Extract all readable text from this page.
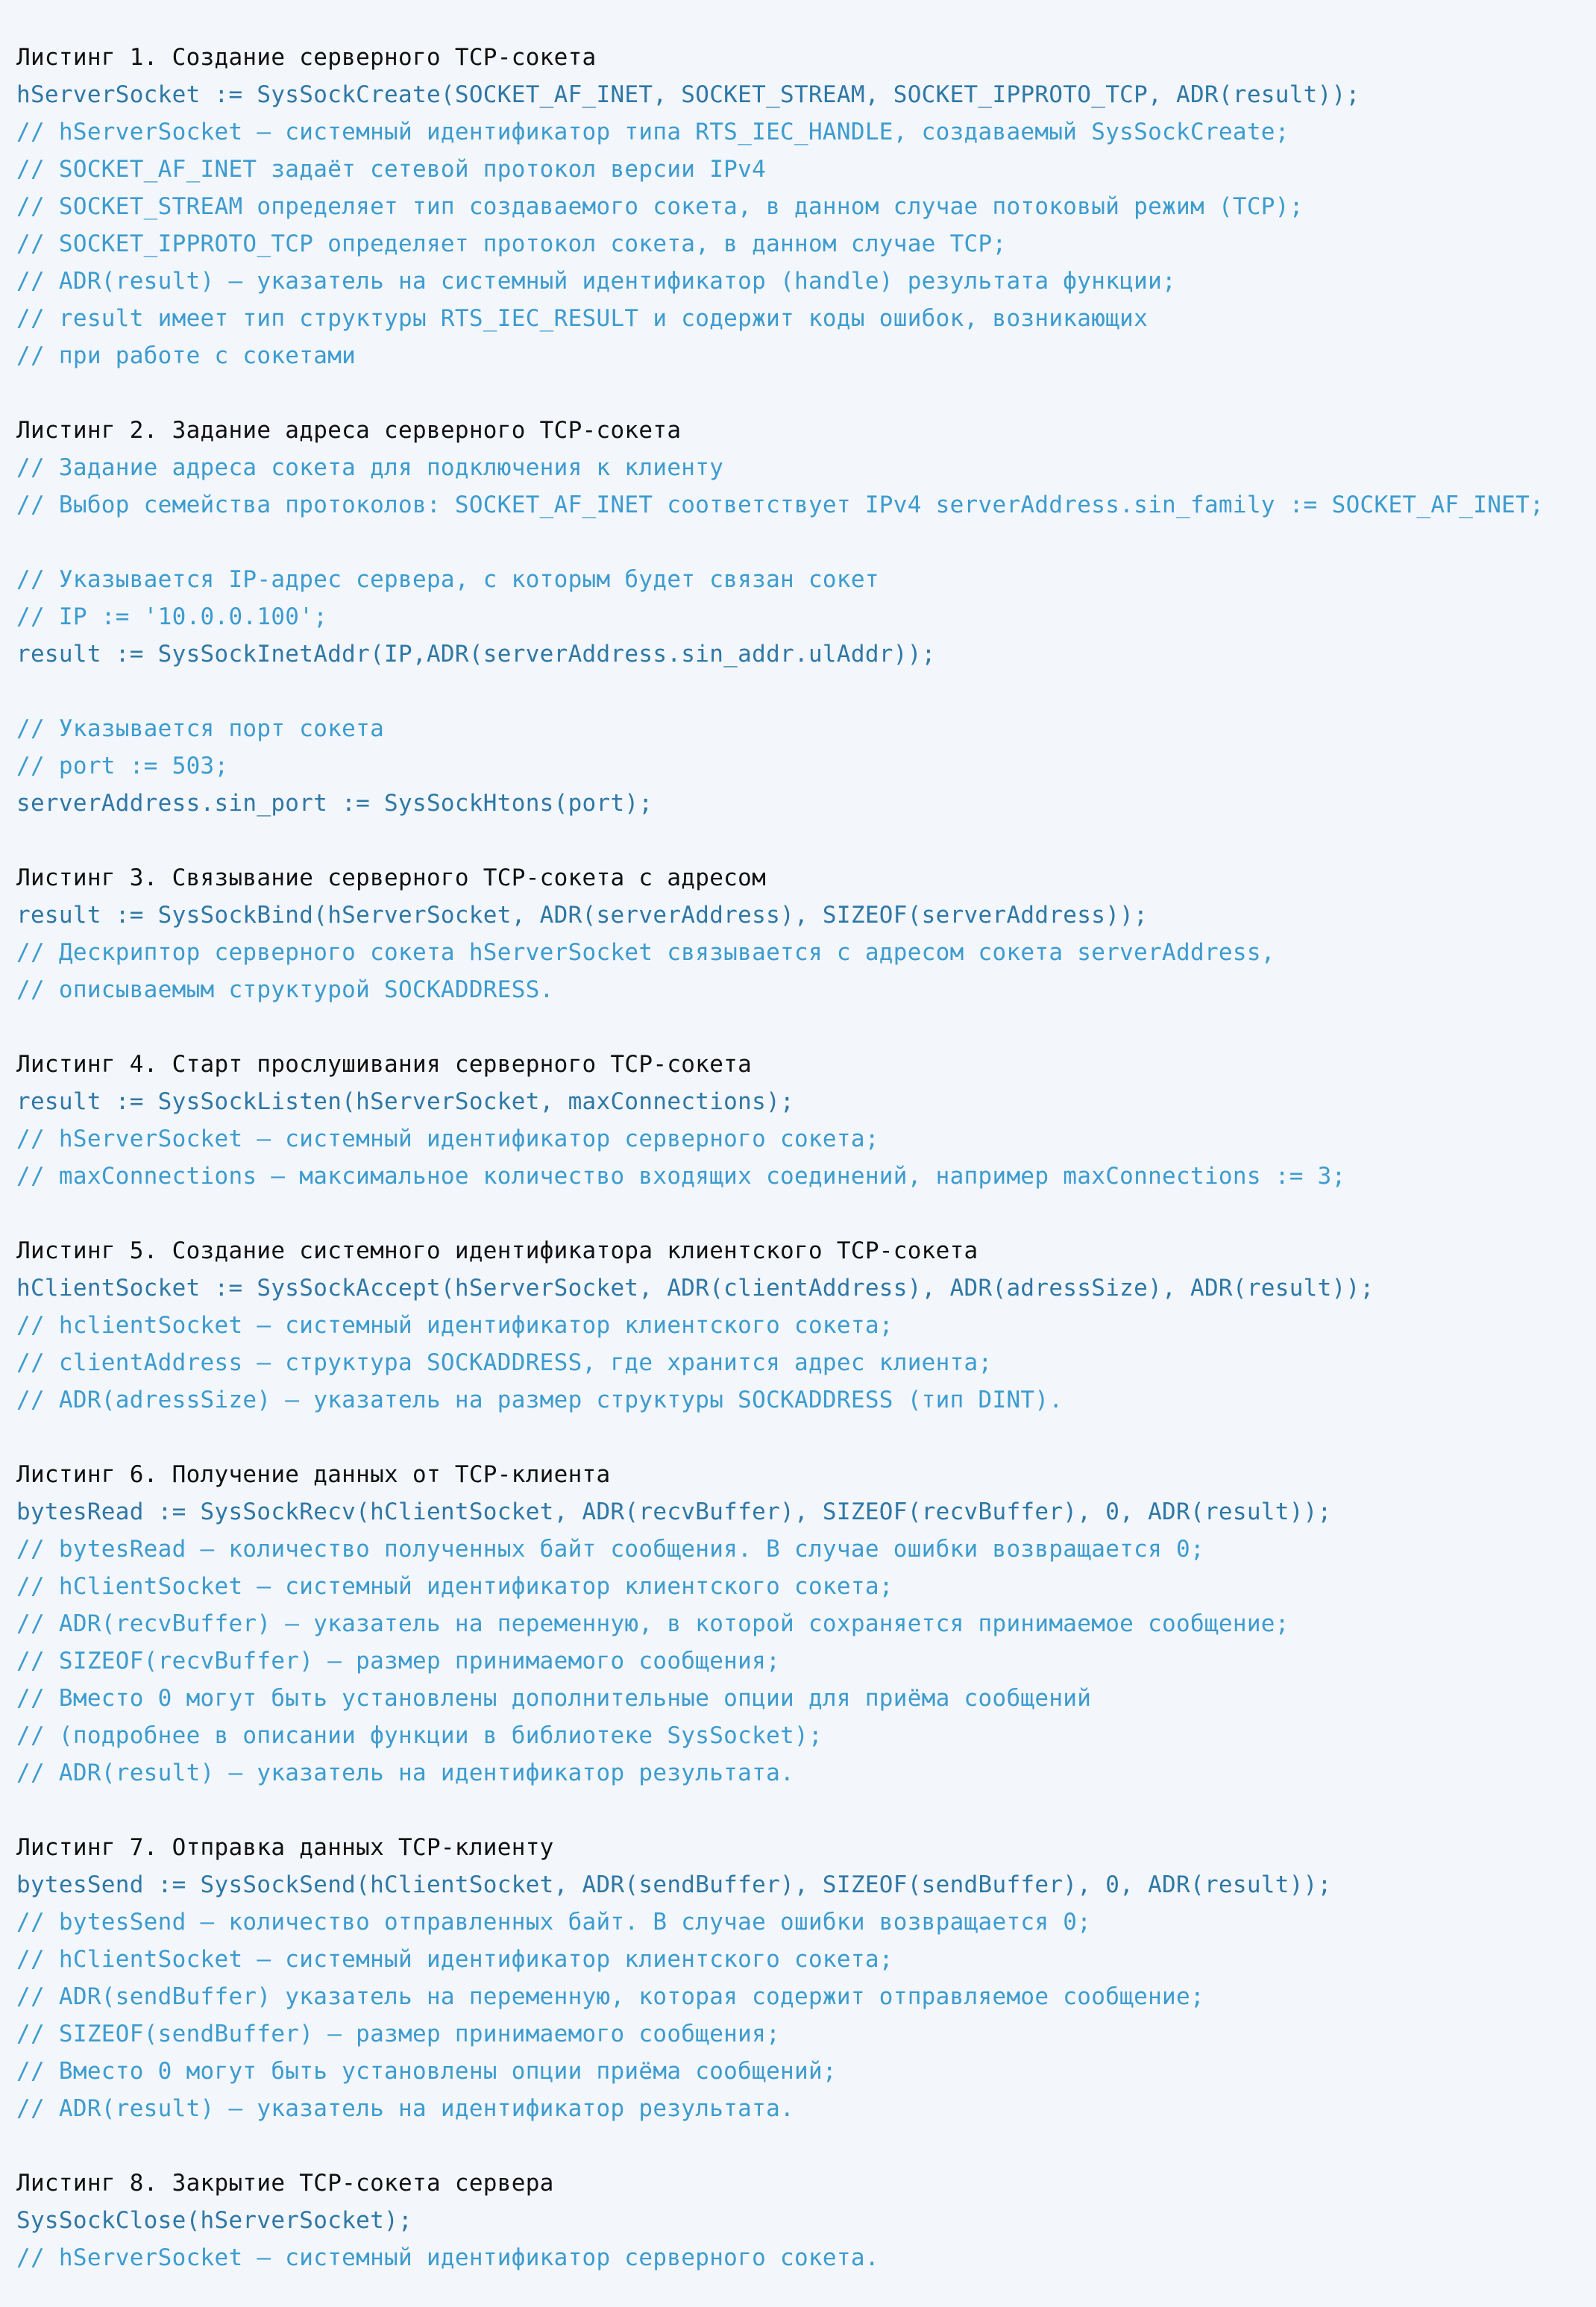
Листинг 1. Создание серверного TCP-сокета
hServerSocket := SysSockCreate(SOCKET_AF_INET, SOCKET_STREAM, SOCKET_IPPROTO_TCP, ADR(result));
// hServerSocket – системный идентификатор типа RTS_IEC_HANDLE, создаваемый SysSockCreate;
// SOCKET_AF_INET задаёт сетевой протокол версии IPv4
// SOCKET_STREAM определяет тип создаваемого сокета, в данном случае потоковый режим (TCP);
// SOCKET_IPPROTO_TCP определяет протокол сокета, в данном случае TCP;
// ADR(result) – указатель на системный идентификатор (handle) результата функции;
// result имеет тип структуры RTS_IEC_RESULT и содержит коды ошибок, возникающих
// при работе с сокетами
Листинг 2. Задание адреса серверного TCP-сокета
// Задание адреса сокета для подключения к клиенту
// Выбор семейства протоколов: SOCKET_AF_INET соответствует IPv4 serverAddress.sin_family := SOCKET_AF_INET;
// Указывается IP-адрес сервера, с которым будет связан сокет
// IP := '10.0.0.100';
result := SysSockInetAddr(IP,ADR(serverAddress.sin_addr.ulAddr));
// Указывается порт сокета
// port := 503;
serverAddress.sin_port := SysSockHtons(port);
Листинг 3. Связывание серверного TCP-сокета с адресом
result := SysSockBind(hServerSocket, ADR(serverAddress), SIZEOF(serverAddress));
// Дескриптор серверного сокета hServerSocket связывается с адресом сокета serverAddress,
// описываемым структурой SOCKADDRESS.
Листинг 4. Старт прослушивания серверного TCP-сокета
result := SysSockListen(hServerSocket, maxConnections);
// hServerSocket – системный идентификатор серверного сокета;
// maxConnections – максимальное количество входящих соединений, например maxConnections := 3;
Листинг 5. Создание системного идентификатора клиентского TCP-сокета
hClientSocket := SysSockAccept(hServerSocket, ADR(clientAddress), ADR(adressSize), ADR(result));
// hclientSocket – системный идентификатор клиентского сокета;
// clientAddress – структура SOCKADDRESS, где хранится адрес клиента;
// ADR(adressSize) – указатель на размер структуры SOCKADDRESS (тип DINT).
Листинг 6. Получение данных от TCP-клиента
bytesRead := SysSockRecv(hClientSocket, ADR(recvBuffer), SIZEOF(recvBuffer), 0, ADR(result));
// bytesRead – количество полученных байт сообщения. В случае ошибки возвращается 0;
// hClientSocket – системный идентификатор клиентского сокета;
// ADR(recvBuffer) – указатель на переменную, в которой сохраняется принимаемое сообщение;
// SIZEOF(recvBuffer) – размер принимаемого сообщения;
// Вместо 0 могут быть установлены дополнительные опции для приёма сообщений
// (подробнее в описании функции в библиотеке SysSocket);
// ADR(result) – указатель на идентификатор результата.
Листинг 7. Отправка данных TCP-клиенту
bytesSend := SysSockSend(hClientSocket, ADR(sendBuffer), SIZEOF(sendBuffer), 0, ADR(result));
// bytesSend – количество отправленных байт. В случае ошибки возвращается 0;
// hClientSocket – системный идентификатор клиентского сокета;
// ADR(sendBuffer) указатель на переменную, которая содержит отправляемое сообщение;
// SIZEOF(sendBuffer) – размер принимаемого сообщения;
// Вместо 0 могут быть установлены опции приёма сообщений;
// ADR(result) – указатель на идентификатор результата.
Листинг 8. Закрытие TCP-сокета сервера
SysSockClose(hServerSocket);
// hServerSocket – системный идентификатор серверного сокета.
